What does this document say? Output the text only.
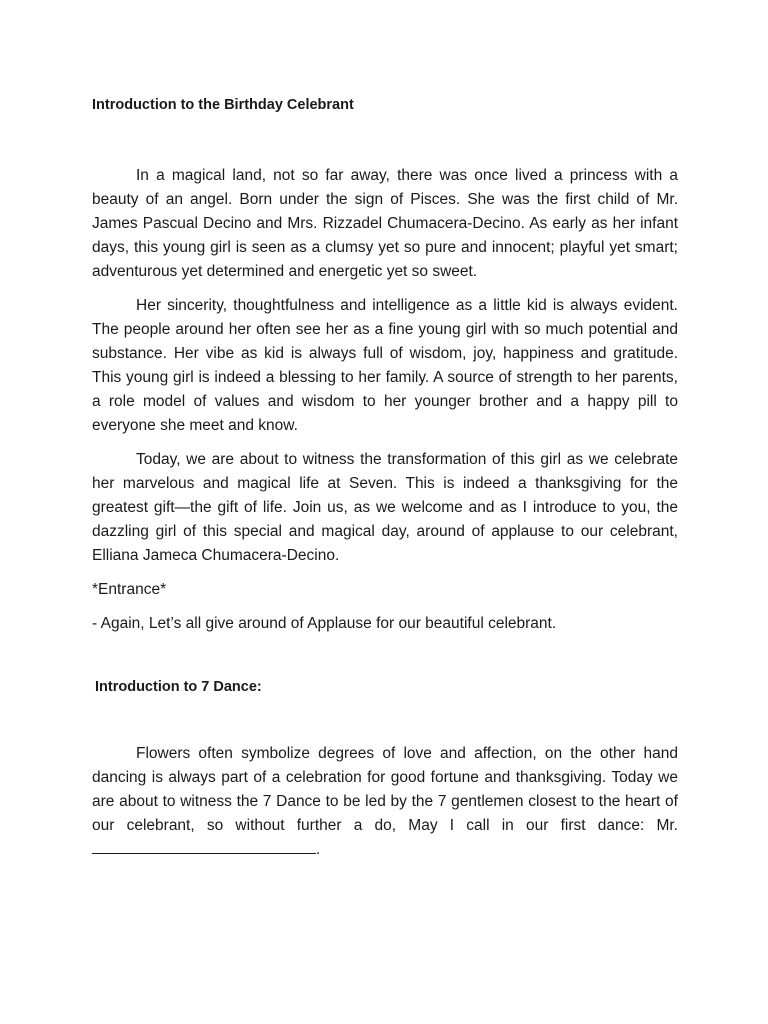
Introduction to the Birthday Celebrant

In a magical land, not so far away, there was once lived a princess with a beauty of an angel. Born under the sign of Pisces. She was the first child of Mr. James Pascual Decino and Mrs. Rizzadel Chumacera-Decino. As early as her infant days, this young girl is seen as a clumsy yet so pure and innocent; playful yet smart; adventurous yet determined and energetic yet so sweet.

Her sincerity, thoughtfulness and intelligence as a little kid is always evident. The people around her often see her as a fine young girl with so much potential and substance. Her vibe as kid is always full of wisdom, joy, happiness and gratitude. This young girl is indeed a blessing to her family. A source of strength to her parents, a role model of values and wisdom to her younger brother and a happy pill to everyone she meet and know.

Today, we are about to witness the transformation of this girl as we celebrate her marvelous and magical life at Seven. This is indeed a thanksgiving for the greatest gift—the gift of life. Join us, as we welcome and as I introduce to you, the dazzling girl of this special and magical day, around of applause to our celebrant, Elliana Jameca Chumacera-Decino.

*Entrance*

- Again, Let’s all give around of Applause for our beautiful celebrant.

Introduction to 7 Dance:

Flowers often symbolize degrees of love and affection, on the other hand dancing is always part of a celebration for good fortune and thanksgiving. Today we are about to witness the 7 Dance to be led by the 7 gentlemen closest to the heart of our celebrant, so without further a do, May I call in our first dance: Mr. .
